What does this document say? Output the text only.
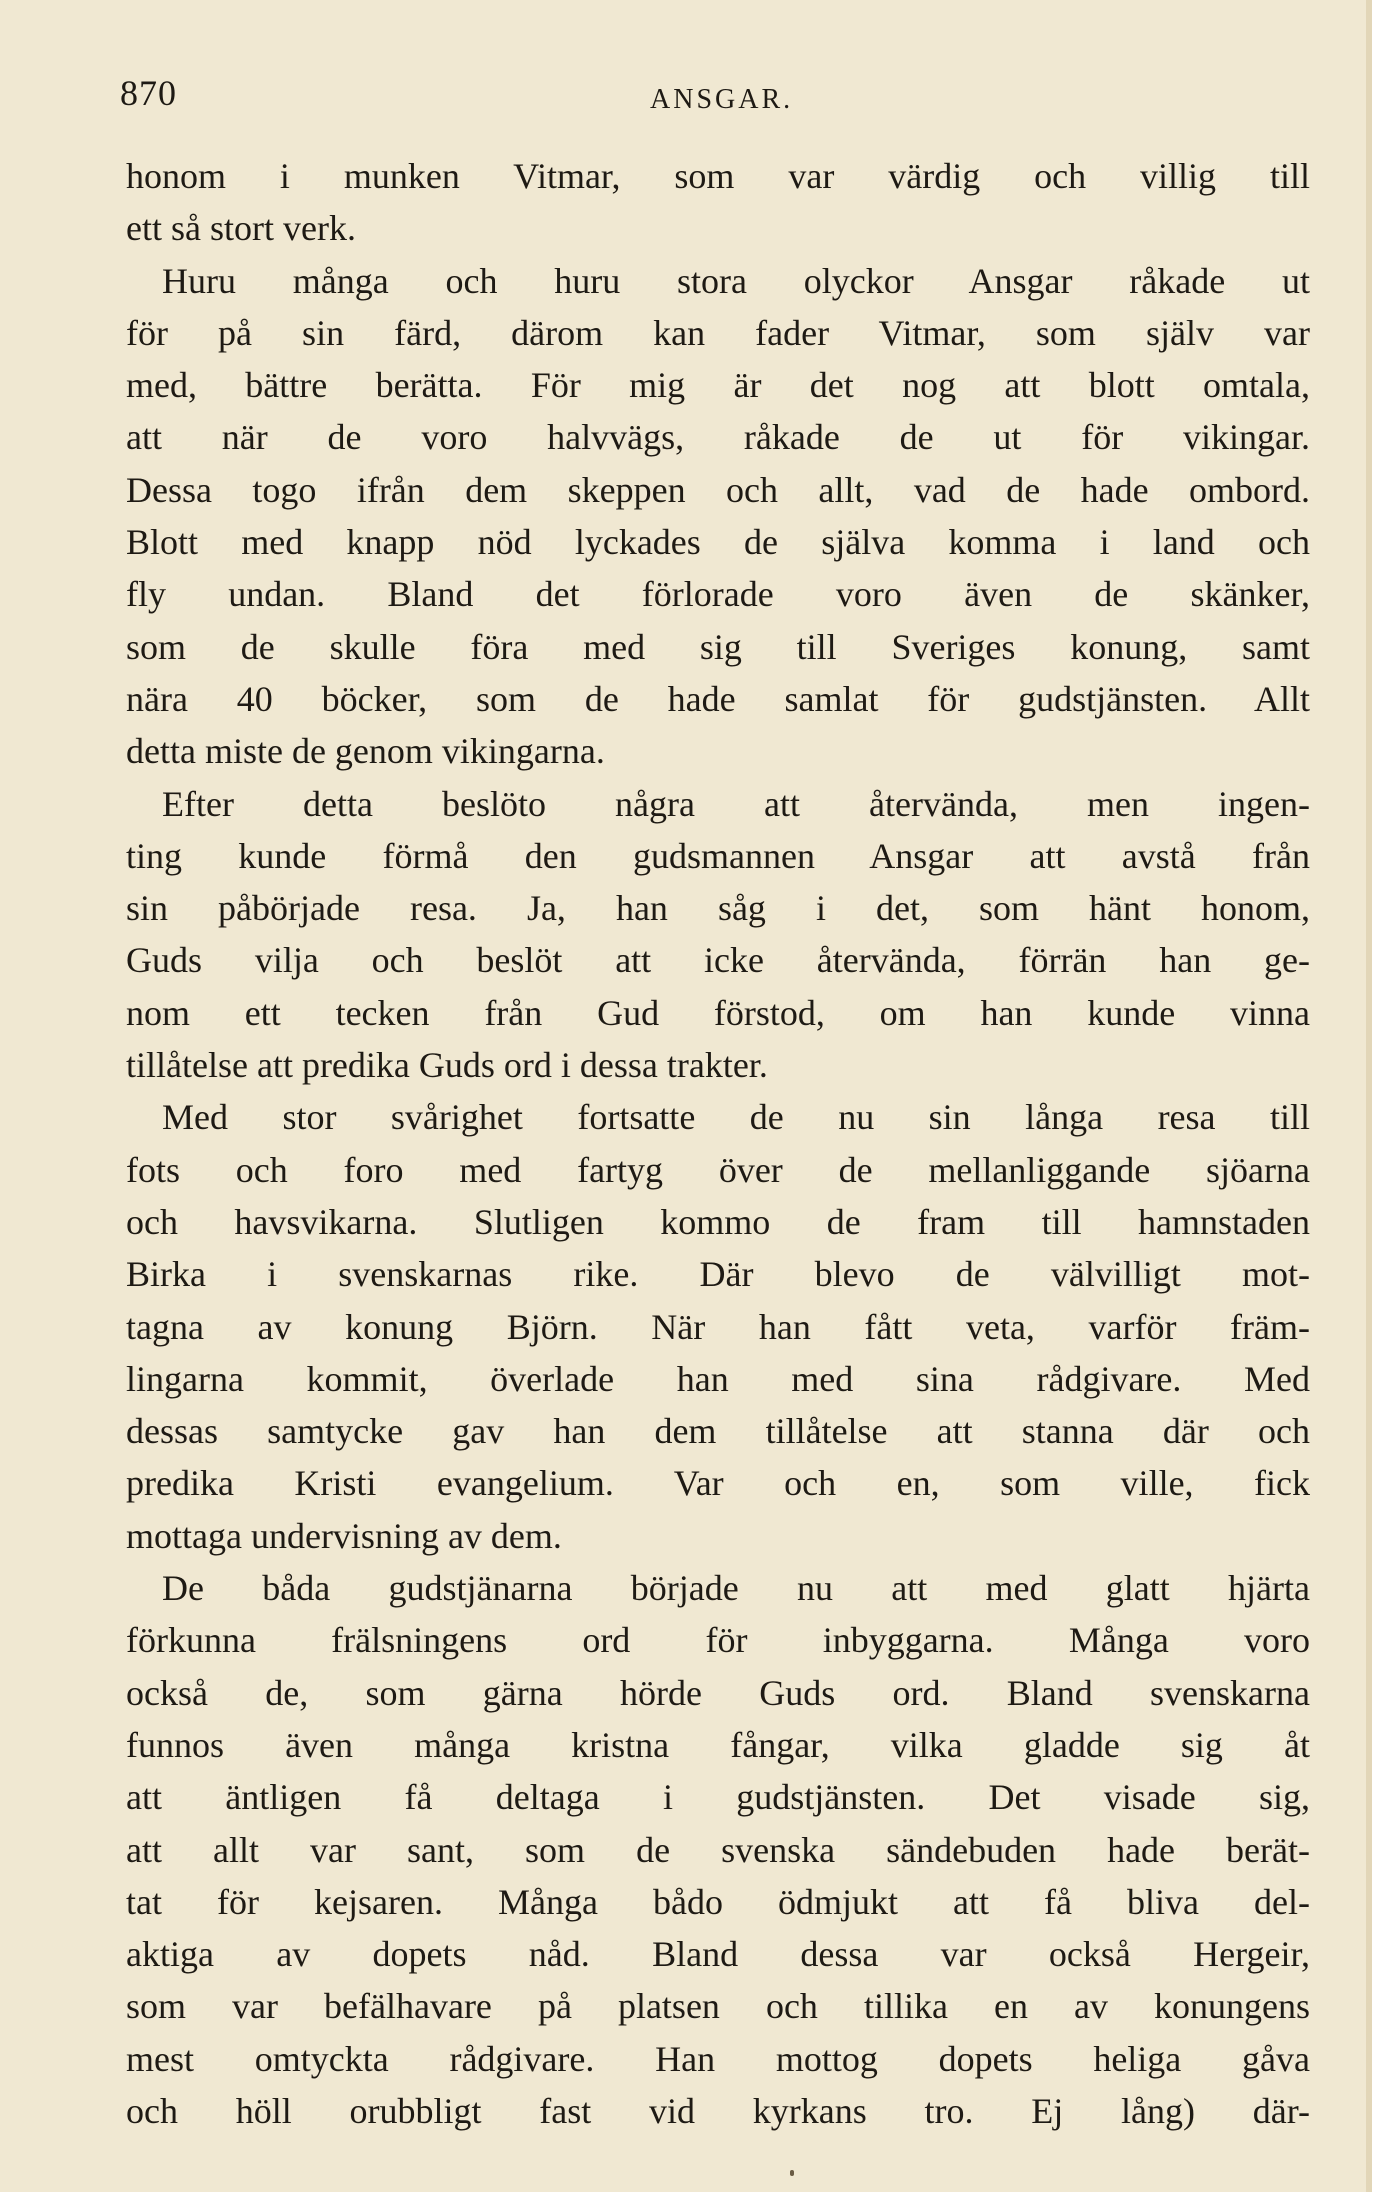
870	ANSGAR.
honom i munken Vitmar, som var värdig och villig till
ett så stort verk.
Huru många och huru stora olyckor Ansgar råkade ut
för på sin färd, därom kan fader Vitmar, som själv var
med, bättre berätta. För mig är det nog att blott omtala,
att när de voro halvvägs, råkade de ut för vikingar.
Dessa togo ifrån dem skeppen och allt, vad de hade ombord.
Blott med knapp nöd lyckades de själva komma i land och
fly undan. Bland det förlorade voro även de skänker,
som de skulle föra med sig till Sveriges konung, samt
nära 40 böcker, som de hade samlat för gudstjänsten. Allt
detta miste de genom vikingarna.
Efter detta beslöto några att återvända, men ingen-
ting kunde förmå den gudsmannen Ansgar att avstå från
sin påbörjade resa. Ja, han såg i det, som hänt honom,
Guds vilja och beslöt att icke återvända, förrän han ge-
nom ett tecken från Gud förstod, om han kunde vinna
tillåtelse att predika Guds ord i dessa trakter.
Med stor svårighet fortsatte de nu sin långa resa till
fots och foro med fartyg över de mellanliggande sjöarna
och havsvikarna. Slutligen kommo de fram till hamnstaden
Birka i svenskarnas rike. Där blevo de välvilligt mot-
tagna av konung Björn. När han fått veta, varför främ-
lingarna kommit, överlade han med sina rådgivare. Med
dessas samtycke gav han dem tillåtelse att stanna där och
predika Kristi evangelium. Var och en, som ville, fick
mottaga undervisning av dem.
De båda gudstjänarna började nu att med glatt hjärta
förkunna frälsningens ord för inbyggarna. Många voro
också de, som gärna hörde Guds ord. Bland svenskarna
funnos även många kristna fångar, vilka gladde sig åt
att äntligen få deltaga i gudstjänsten. Det visade sig,
att allt var sant, som de svenska sändebuden hade berät-
tat för kejsaren. Många bådo ödmjukt att få bliva del-
aktiga av dopets nåd. Bland dessa var också Hergeir,
som var befälhavare på platsen och tillika en av konungens
mest omtyckta rådgivare. Han mottog dopets heliga gåva
och höll orubbligt fast vid kyrkans tro. Ej lång) där-
